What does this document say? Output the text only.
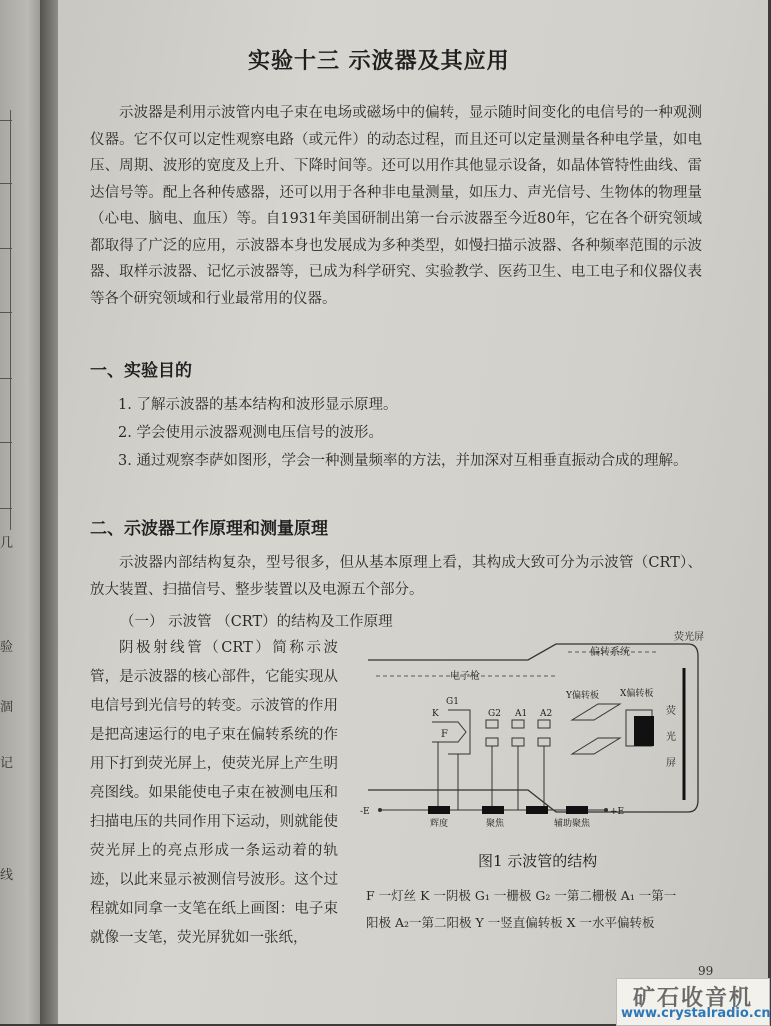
几
验
涸
记
线
实验十三 示波器及其应用
示波器是利用示波管内电子束在电场或磁场中的偏转，显示随时间变化的电信号的一种观测仪器。它不仅可以定性观察电路（或元件）的动态过程，而且还可以定量测量各种电学量，如电压、周期、波形的宽度及上升、下降时间等。还可以用作其他显示设备，如晶体管特性曲线、雷达信号等。配上各种传感器，还可以用于各种非电量测量，如压力、声光信号、生物体的物理量（心电、脑电、血压）等。自1931年美国研制出第一台示波器至今近80年，它在各个研究领域都取得了广泛的应用，示波器本身也发展成为多种类型，如慢扫描示波器、各种频率范围的示波器、取样示波器、记忆示波器等，已成为科学研究、实验教学、医药卫生、电工电子和仪器仪表等各个研究领域和行业最常用的仪器。
一、实验目的
1. 了解示波器的基本结构和波形显示原理。
2. 学会使用示波器观测电压信号的波形。
3. 通过观察李萨如图形，学会一种测量频率的方法，并加深对互相垂直振动合成的理解。
二、示波器工作原理和测量原理
示波器内部结构复杂，型号很多，但从基本原理上看，其构成大致可分为示波管（CRT）、放大装置、扫描信号、整步装置以及电源五个部分。
（一） 示波管 （CRT）的结构及工作原理
阴极射线管（CRT）简称示波管，是示波器的核心部件，它能实现从电信号到光信号的转变。示波管的作用是把高速运行的电子束在偏转系统的作用下打到荧光屏上，使荧光屏上产生明亮图线。如果能使电子束在被测电压和扫描电压的共同作用下运动，则就能使荧光屏上的亮点形成一条运动着的轨迹，以此来显示被测信号波形。这个过程就如同拿一支笔在纸上画图：电子束就像一支笔，荧光屏犹如一张纸，
偏转系统
荧光屏
电子枪
Y偏转板 X偏转板
G1
K	G2 A1 A2
F
荧光屏
-E	+E
辉度	聚焦	辅助聚焦
图1 示波管的结构
F 一灯丝 K 一阴极 G₁ 一栅极 G₂ 一第二栅极 A₁ 一第一
阳极 A₂一第二阳极 Y 一竖直偏转板 X 一水平偏转板
99
矿石收音机
www.crystalradio.cn
